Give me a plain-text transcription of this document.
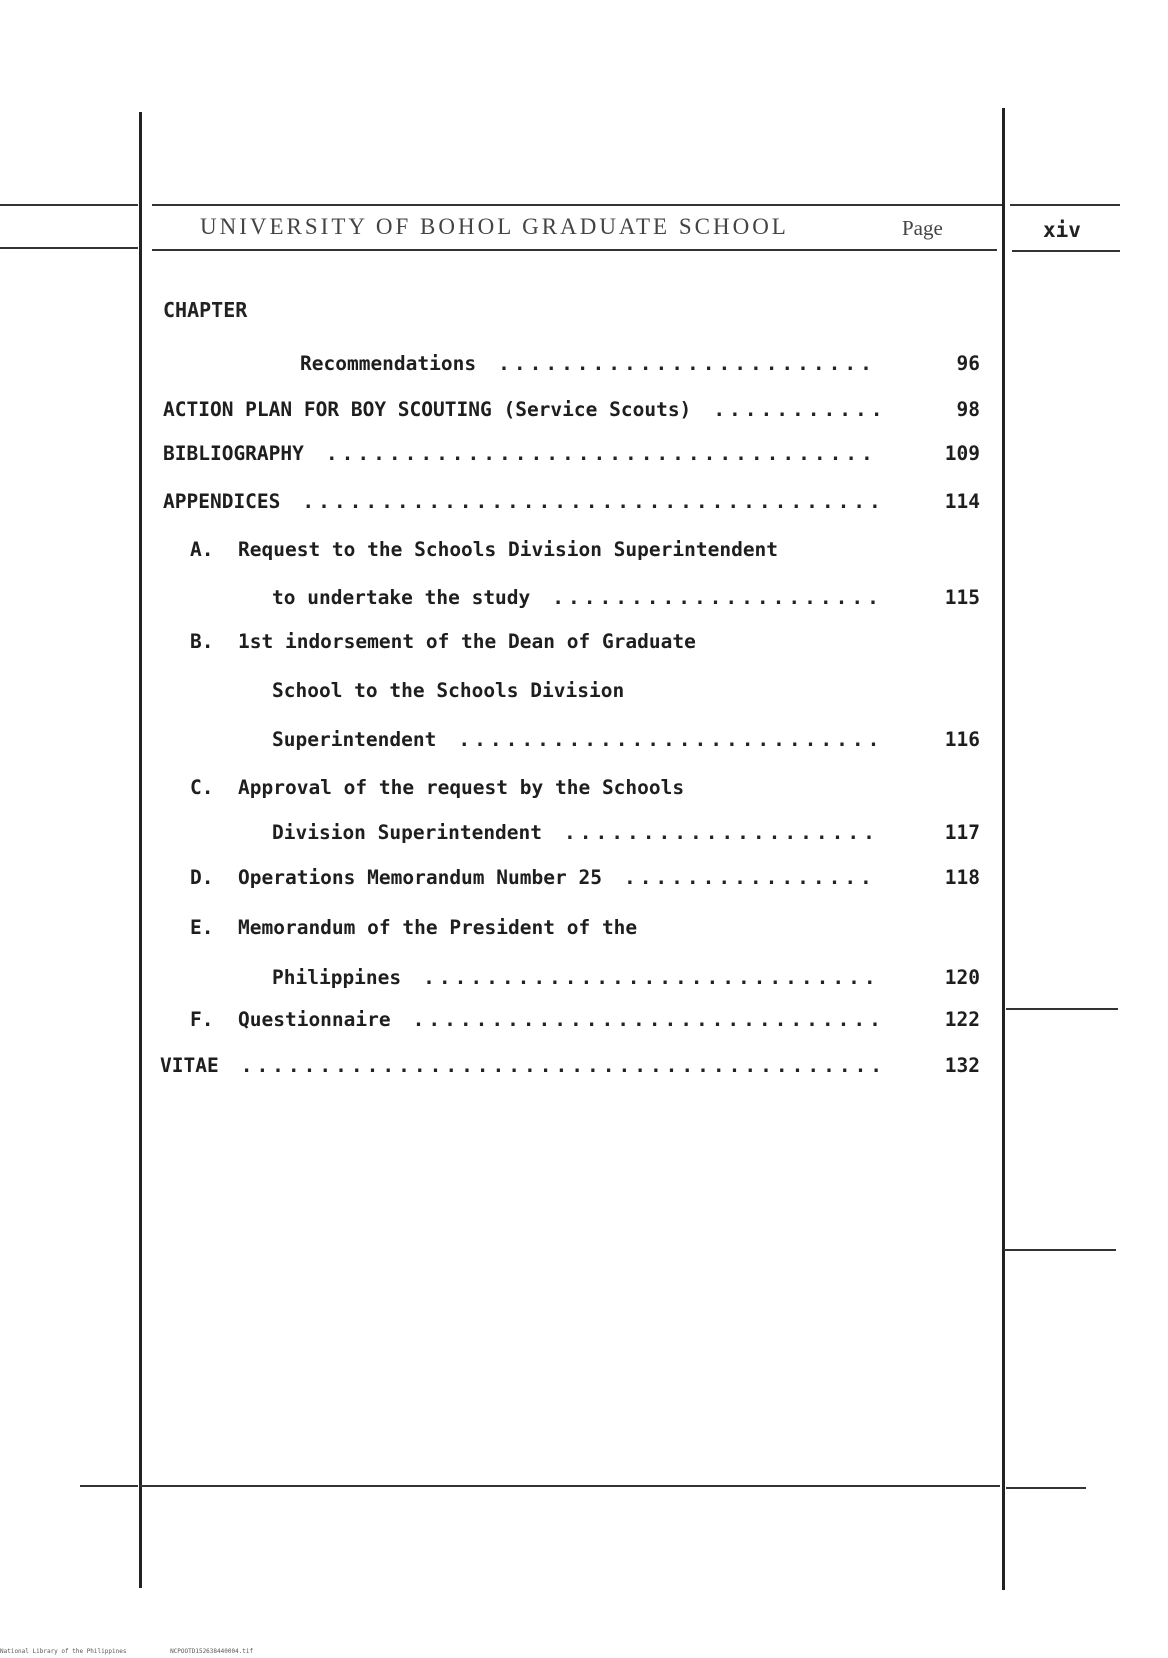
UNIVERSITY OF BOHOL GRADUATE SCHOOL	Page	xiv
CHAPTER
Recommendations .....	96
ACTION PLAN FOR BOY SCOUTING (Service Scouts) .....	98
BIBLIOGRAPHY .....	109
APPENDICES .....	114
A. Request to the Schools Division Superintendent
to undertake the study .....	115
B. 1st indorsement of the Dean of Graduate
School to the Schools Division
Superintendent .....	116
C. Approval of the request by the Schools
Division Superintendent .....	117
D. Operations Memorandum Number 25 .....	118
E. Memorandum of the President of the
Philippines .....	120
F. Questionnaire .....	122
VITAE .....	132
National Library of the Philippines	NCPOOTD152638440004.tif
